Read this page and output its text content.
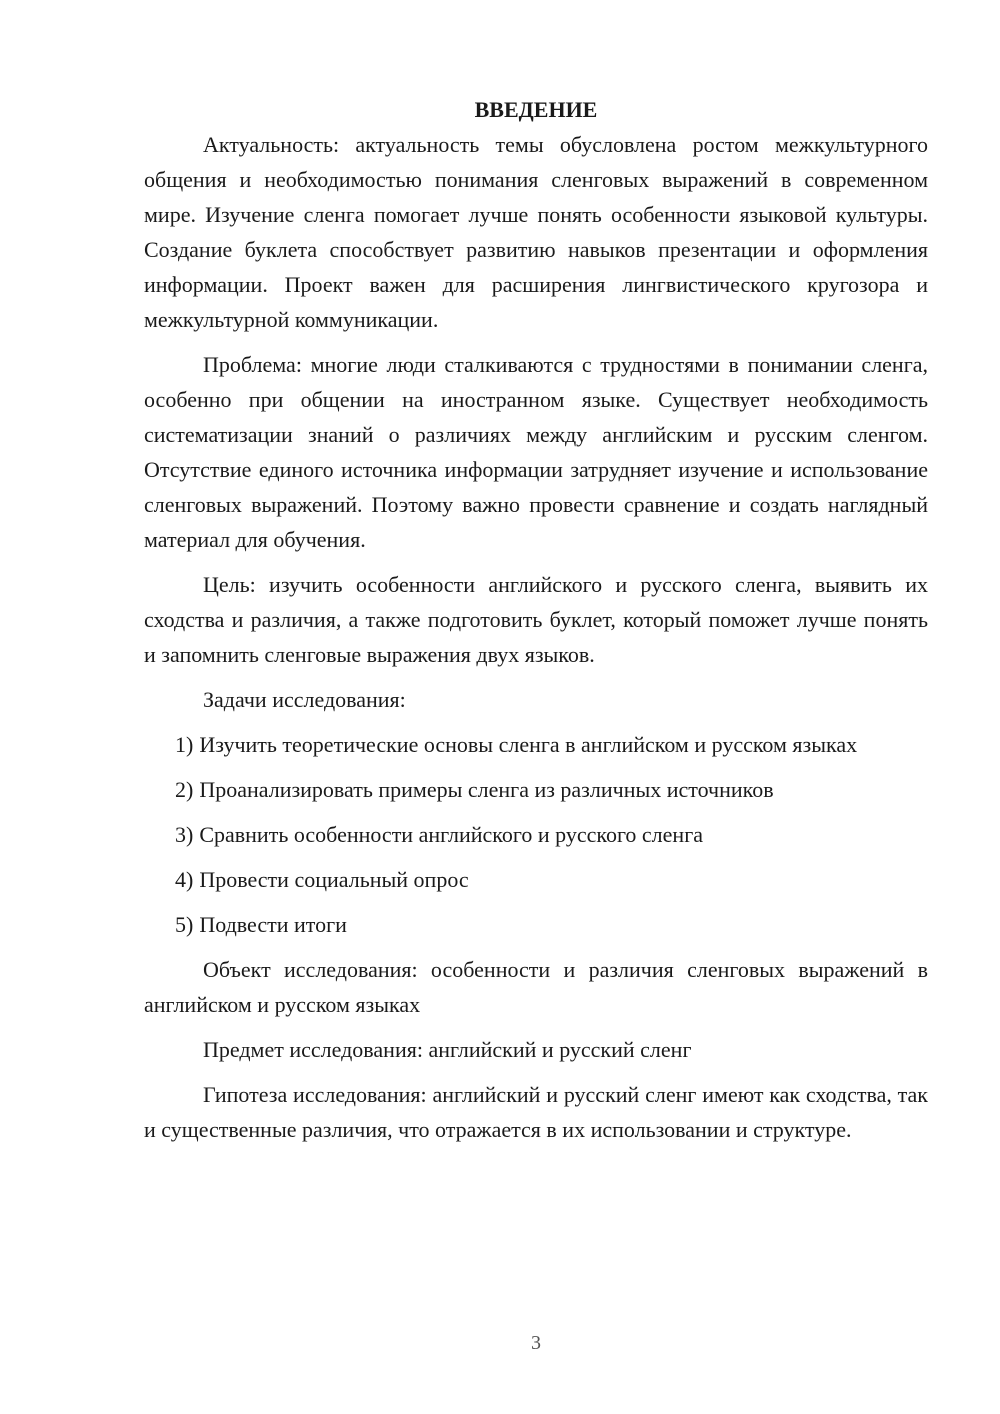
ВВЕДЕНИЕ

Актуальность: актуальность темы обусловлена ростом межкультурного общения и необходимостью понимания сленговых выражений в современном мире. Изучение сленга помогает лучше понять особенности языковой культуры. Создание буклета способствует развитию навыков презентации и оформления информации. Проект важен для расширения лингвистического кругозора и межкультурной коммуникации.

Проблема: многие люди сталкиваются с трудностями в понимании сленга, особенно при общении на иностранном языке. Существует необходимость систематизации знаний о различиях между английским и русским сленгом. Отсутствие единого источника информации затрудняет изучение и использование сленговых выражений. Поэтому важно провести сравнение и создать наглядный материал для обучения.

Цель: изучить особенности английского и русского сленга, выявить их сходства и различия, а также подготовить буклет, который поможет лучше понять и запомнить сленговые выражения двух языков.

Задачи исследования:

1) Изучить теоретические основы сленга в английском и русском языках

2) Проанализировать примеры сленга из различных источников

3) Сравнить особенности английского и русского сленга

4) Провести социальный опрос

5) Подвести итоги

Объект исследования: особенности и различия сленговых выражений в английском и русском языках

Предмет исследования: английский и русский сленг

Гипотеза исследования: английский и русский сленг имеют как сходства, так и существенные различия, что отражается в их использовании и структуре.

3
